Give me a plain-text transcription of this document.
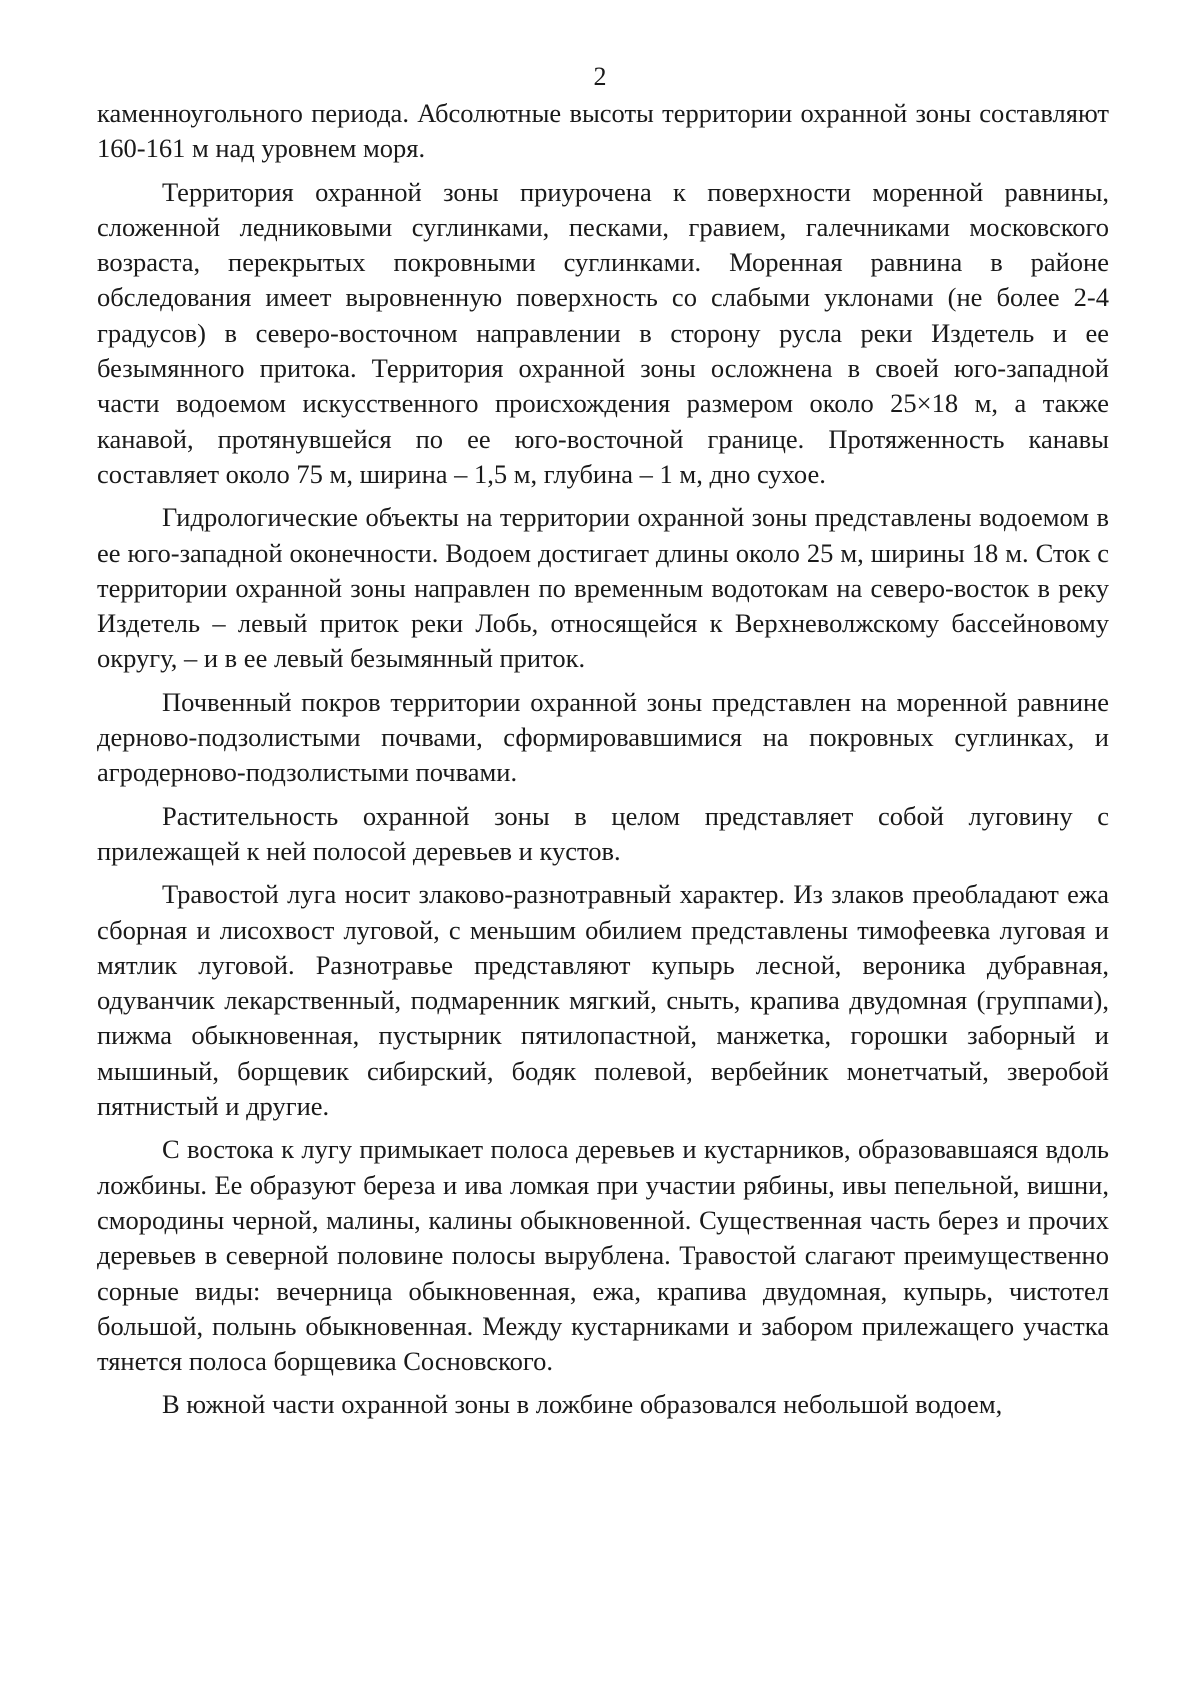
2

каменноугольного периода. Абсолютные высоты территории охранной зоны составляют 160-161 м над уровнем моря.

Территория охранной зоны приурочена к поверхности моренной равнины, сложенной ледниковыми суглинками, песками, гравием, галечниками московского возраста, перекрытых покровными суглинками. Моренная равнина в районе обследования имеет выровненную поверхность со слабыми уклонами (не более 2-4 градусов) в северо-восточном направлении в сторону русла реки Издетель и ее безымянного притока. Территория охранной зоны осложнена в своей юго-западной части водоемом искусственного происхождения размером около 25×18 м, а также канавой, протянувшейся по ее юго-восточной границе. Протяженность канавы составляет около 75 м, ширина – 1,5 м, глубина – 1 м, дно сухое.

Гидрологические объекты на территории охранной зоны представлены водоемом в ее юго-западной оконечности. Водоем достигает длины около 25 м, ширины 18 м. Сток с территории охранной зоны направлен по временным водотокам на северо-восток в реку Издетель – левый приток реки Лобь, относящейся к Верхневолжскому бассейновому округу, – и в ее левый безымянный приток.

Почвенный покров территории охранной зоны представлен на моренной равнине дерново-подзолистыми почвами, сформировавшимися на покровных суглинках, и агродерново-подзолистыми почвами.

Растительность охранной зоны в целом представляет собой луговину с прилежащей к ней полосой деревьев и кустов.

Травостой луга носит злаково-разнотравный характер. Из злаков преобладают ежа сборная и лисохвост луговой, с меньшим обилием представлены тимофеевка луговая и мятлик луговой. Разнотравье представляют купырь лесной, вероника дубравная, одуванчик лекарственный, подмаренник мягкий, сныть, крапива двудомная (группами), пижма обыкновенная, пустырник пятилопастной, манжетка, горошки заборный и мышиный, борщевик сибирский, бодяк полевой, вербейник монетчатый, зверобой пятнистый и другие.

С востока к лугу примыкает полоса деревьев и кустарников, образовавшаяся вдоль ложбины. Ее образуют береза и ива ломкая при участии рябины, ивы пепельной, вишни, смородины черной, малины, калины обыкновенной. Существенная часть берез и прочих деревьев в северной половине полосы вырублена. Травостой слагают преимущественно сорные виды: вечерница обыкновенная, ежа, крапива двудомная, купырь, чистотел большой, полынь обыкновенная. Между кустарниками и забором прилежащего участка тянется полоса борщевика Сосновского.

В южной части охранной зоны в ложбине образовался небольшой водоем,
